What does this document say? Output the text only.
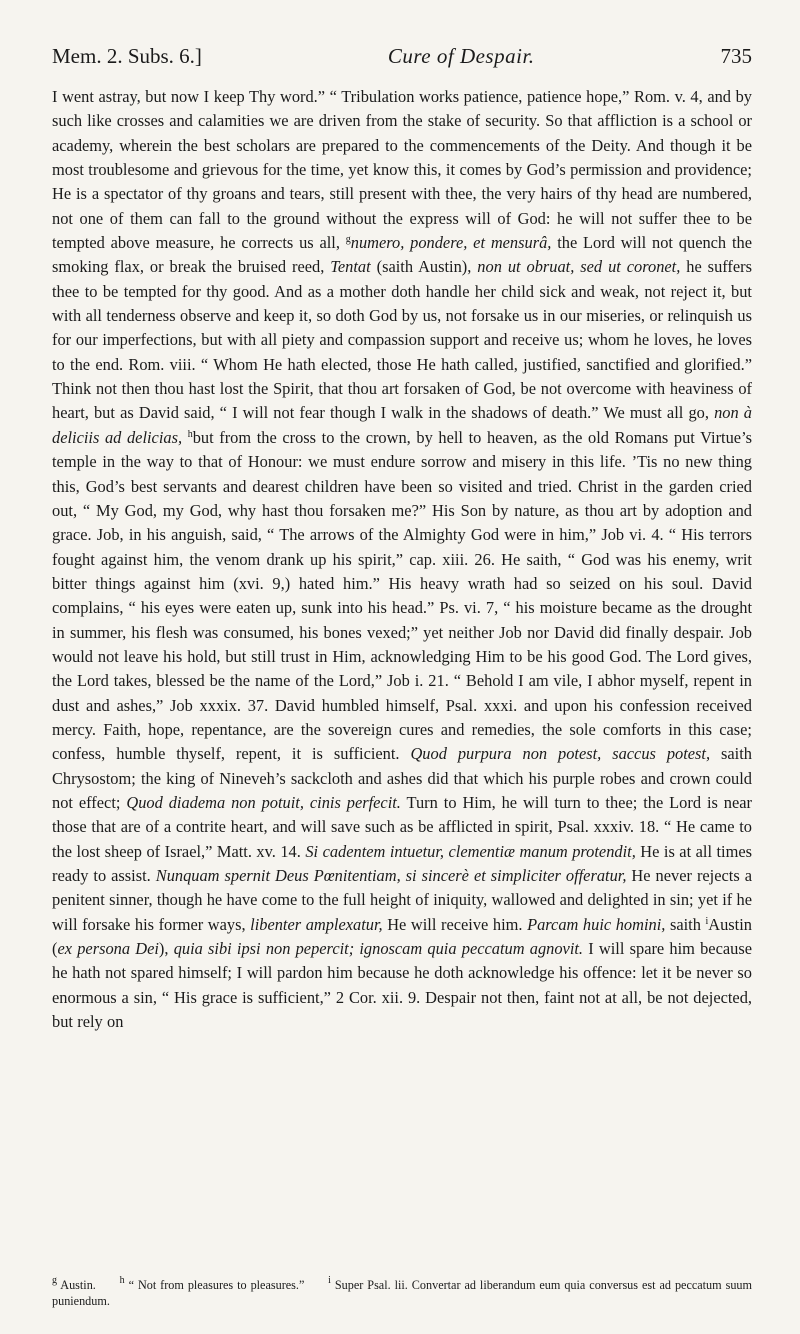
Mem. 2. Subs. 6.]	Cure of Despair.	735

I went astray, but now I keep Thy word.” “ Tribulation works patience, patience hope,” Rom. v. 4, and by such like crosses and calamities we are driven from the stake of security. So that affliction is a school or academy, wherein the best scholars are prepared to the commencements of the Deity. And though it be most troublesome and grievous for the time, yet know this, it comes by God’s permission and providence; He is a spectator of thy groans and tears, still present with thee, the very hairs of thy head are numbered, not one of them can fall to the ground without the express will of God: he will not suffer thee to be tempted above measure, he corrects us all, $^g$numero, pondere, et mensurâ, the Lord will not quench the smoking flax, or break the bruised reed, Tentat (saith Austin), non ut obruat, sed ut coronet, he suffers thee to be tempted for thy good. And as a mother doth handle her child sick and weak, not reject it, but with all tenderness observe and keep it, so doth God by us, not forsake us in our miseries, or relinquish us for our imperfections, but with all piety and compassion support and receive us; whom he loves, he loves to the end. Rom. viii. “ Whom He hath elected, those He hath called, justified, sanctified and glorified.” Think not then thou hast lost the Spirit, that thou art forsaken of God, be not overcome with heaviness of heart, but as David said, “ I will not fear though I walk in the shadows of death.” We must all go, non à deliciis ad delicias, $^h$but from the cross to the crown, by hell to heaven, as the old Romans put Virtue’s temple in the way to that of Honour: we must endure sorrow and misery in this life. ’Tis no new thing this, God’s best servants and dearest children have been so visited and tried. Christ in the garden cried out, “ My God, my God, why hast thou forsaken me?” His Son by nature, as thou art by adoption and grace. Job, in his anguish, said, “ The arrows of the Almighty God were in him,” Job vi. 4. “ His terrors fought against him, the venom drank up his spirit,” cap. xiii. 26. He saith, “ God was his enemy, writ bitter things against him (xvi. 9,) hated him.” His heavy wrath had so seized on his soul. David complains, “ his eyes were eaten up, sunk into his head.” Ps. vi. 7, “ his moisture became as the drought in summer, his flesh was consumed, his bones vexed;” yet neither Job nor David did finally despair. Job would not leave his hold, but still trust in Him, acknowledging Him to be his good God. The Lord gives, the Lord takes, blessed be the name of the Lord,” Job i. 21. “ Behold I am vile, I abhor myself, repent in dust and ashes,” Job xxxix. 37. David humbled himself, Psal. xxxi. and upon his confession received mercy. Faith, hope, repentance, are the sovereign cures and remedies, the sole comforts in this case; confess, humble thyself, repent, it is sufficient. Quod purpura non potest, saccus potest, saith Chrysostom; the king of Nineveh’s sackcloth and ashes did that which his purple robes and crown could not effect; Quod diadema non potuit, cinis perfecit. Turn to Him, he will turn to thee; the Lord is near those that are of a contrite heart, and will save such as be afflicted in spirit, Psal. xxxiv. 18. “ He came to the lost sheep of Israel,” Matt. xv. 14. Si cadentem intuetur, clementiæ manum protendit, He is at all times ready to assist. Nunquam spernit Deus Pœnitentiam, si sincerè et simpliciter offeratur, He never rejects a penitent sinner, though he have come to the full height of iniquity, wallowed and delighted in sin; yet if he will forsake his former ways, libenter amplexatur, He will receive him. Parcam huic homini, saith $^i$Austin (ex persona Dei), quia sibi ipsi non pepercit; ignoscam quia peccatum agnovit. I will spare him because he hath not spared himself; I will pardon him because he doth acknowledge his offence: let it be never so enormous a sin, “ His grace is sufficient,” 2 Cor. xii. 9. Despair not then, faint not at all, be not dejected, but rely on

$^g$ Austin. $^h$ “ Not from pleasures to pleasures.” $^i$ Super Psal. lii. Convertar ad liberandum eum quia conversus est ad peccatum suum puniendum.
